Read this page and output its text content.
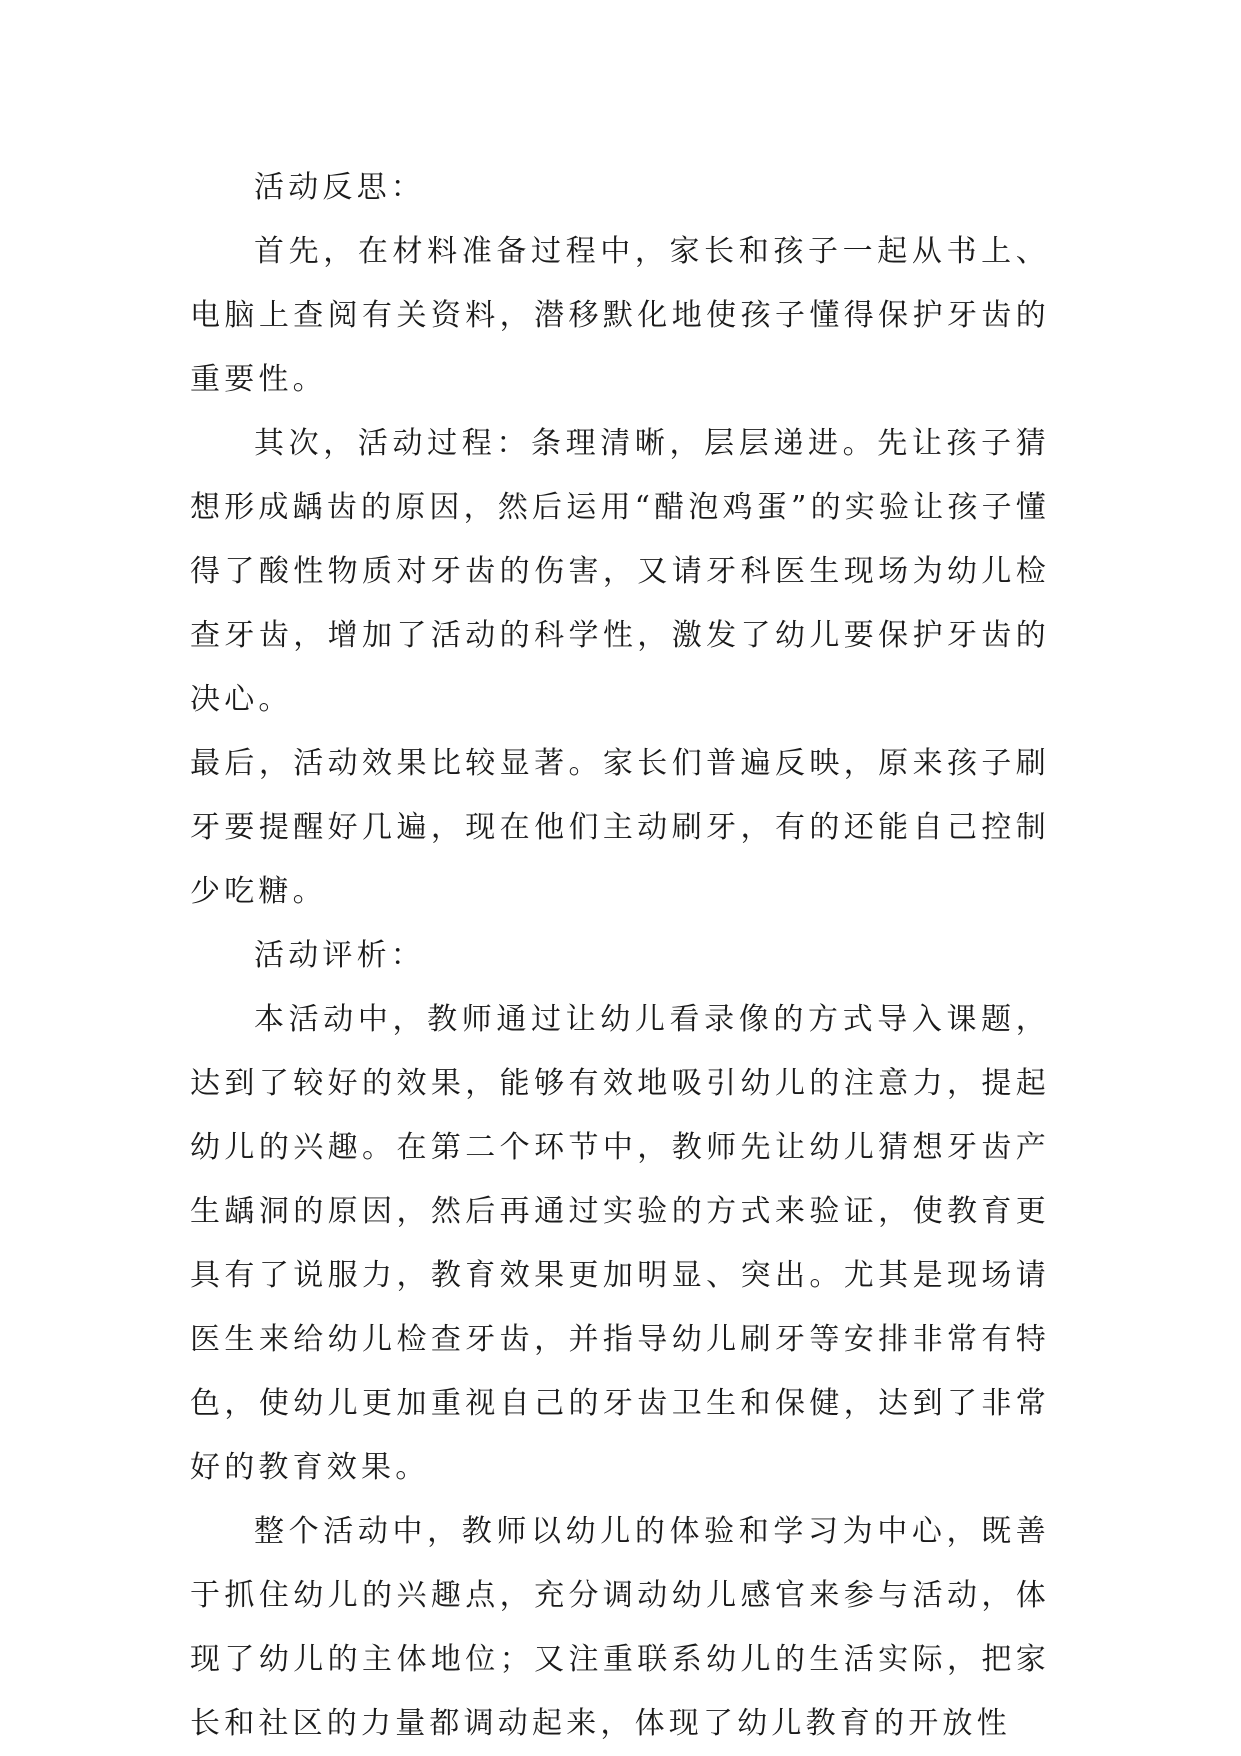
活动反思：

首先，在材料准备过程中，家长和孩子一起从书上、电脑上查阅有关资料，潜移默化地使孩子懂得保护牙齿的重要性。

其次，活动过程：条理清晰，层层递进。先让孩子猜想形成龋齿的原因，然后运用“醋泡鸡蛋”的实验让孩子懂得了酸性物质对牙齿的伤害，又请牙科医生现场为幼儿检查牙齿，增加了活动的科学性，激发了幼儿要保护牙齿的决心。

最后，活动效果比较显著。家长们普遍反映，原来孩子刷牙要提醒好几遍，现在他们主动刷牙，有的还能自己控制少吃糖。

活动评析：

本活动中，教师通过让幼儿看录像的方式导入课题，达到了较好的效果，能够有效地吸引幼儿的注意力，提起幼儿的兴趣。在第二个环节中，教师先让幼儿猜想牙齿产生龋洞的原因，然后再通过实验的方式来验证，使教育更具有了说服力，教育效果更加明显、突出。尤其是现场请医生来给幼儿检查牙齿，并指导幼儿刷牙等安排非常有特色，使幼儿更加重视自己的牙齿卫生和保健，达到了非常好的教育效果。

整个活动中，教师以幼儿的体验和学习为中心，既善于抓住幼儿的兴趣点，充分调动幼儿感官来参与活动，体现了幼儿的主体地位；又注重联系幼儿的生活实际，把家长和社区的力量都调动起来，体现了幼儿教育的开放性
